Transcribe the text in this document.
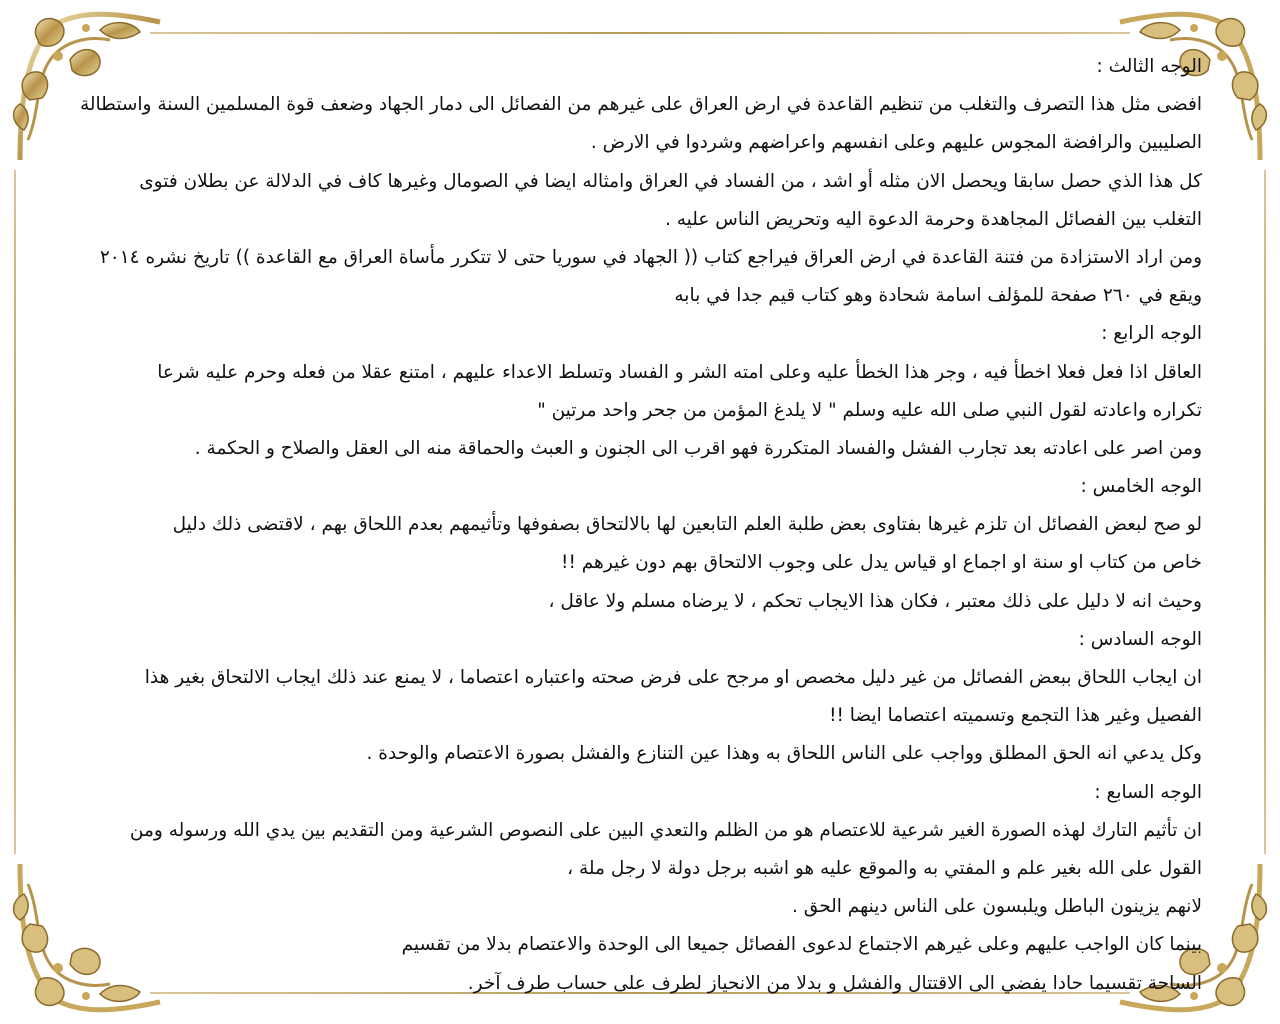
الوجه الثالث :
افضى مثل هذا التصرف والتغلب من تنظيم القاعدة في ارض العراق على غيرهم من الفصائل الى دمار الجهاد وضعف قوة المسلمين السنة واستطالة
الصليبين والرافضة المجوس عليهم وعلى انفسهم واعراضهم وشردوا في الارض .
كل هذا الذي حصل سابقا ويحصل الان مثله أو اشد ، من الفساد في العراق وامثاله ايضا في الصومال وغيرها كاف في الدلالة عن بطلان فتوى
التغلب بين الفصائل المجاهدة وحرمة الدعوة اليه وتحريض الناس عليه .
ومن اراد الاستزادة من فتنة القاعدة في ارض العراق فيراجع كتاب (( الجهاد في سوريا حتى لا تتكرر مأساة العراق مع القاعدة )) تاريخ نشره ٢٠١٤
ويقع في ٢٦٠ صفحة للمؤلف اسامة شحادة وهو كتاب قيم جدا في بابه
الوجه الرابع :
العاقل اذا فعل فعلا اخطأ فيه ، وجر هذا الخطأ عليه وعلى امته الشر و الفساد وتسلط الاعداء عليهم ، امتنع عقلا من فعله وحرم عليه شرعا
تكراره واعادته لقول النبي صلى الله عليه وسلم " لا يلدغ المؤمن من جحر واحد مرتين "
ومن اصر على اعادته بعد تجارب الفشل والفساد المتكررة فهو اقرب الى الجنون و العبث والحماقة منه الى العقل والصلاح و الحكمة .
الوجه الخامس :
لو صح لبعض الفصائل ان تلزم غيرها بفتاوى بعض طلبة العلم التابعين لها بالالتحاق بصفوفها وتأثيمهم بعدم اللحاق بهم ، لاقتضى ذلك دليل
خاص من كتاب او سنة او اجماع او قياس يدل على وجوب الالتحاق بهم دون غيرهم !!
وحيث انه لا دليل على ذلك معتبر ، فكان هذا الايجاب تحكم ، لا يرضاه مسلم ولا عاقل ،
الوجه السادس :
ان ايجاب اللحاق ببعض الفصائل من غير دليل مخصص او مرجح على فرض صحته واعتباره اعتصاما ، لا يمنع عند ذلك ايجاب الالتحاق بغير هذا
الفصيل وغير هذا التجمع وتسميته اعتصاما ايضا !!
وكل يدعي انه الحق المطلق وواجب على الناس اللحاق به وهذا عين التنازع والفشل بصورة الاعتصام والوحدة .
الوجه السابع :
ان تأثيم التارك لهذه الصورة الغير شرعية للاعتصام هو من الظلم والتعدي البين على النصوص الشرعية ومن التقديم بين يدي الله ورسوله ومن
القول على الله بغير علم و المفتي به والموقع عليه هو اشبه برجل دولة لا رجل ملة ،
لانهم يزينون الباطل ويلبسون على الناس دينهم الحق .
بينما كان الواجب عليهم وعلى غيرهم الاجتماع لدعوى الفصائل جميعا الى الوحدة والاعتصام بدلا من تقسيم
الساحة تقسيما حادا يفضي الى الاقتتال والفشل و بدلا من الانحياز لطرف على حساب طرف آخر.
